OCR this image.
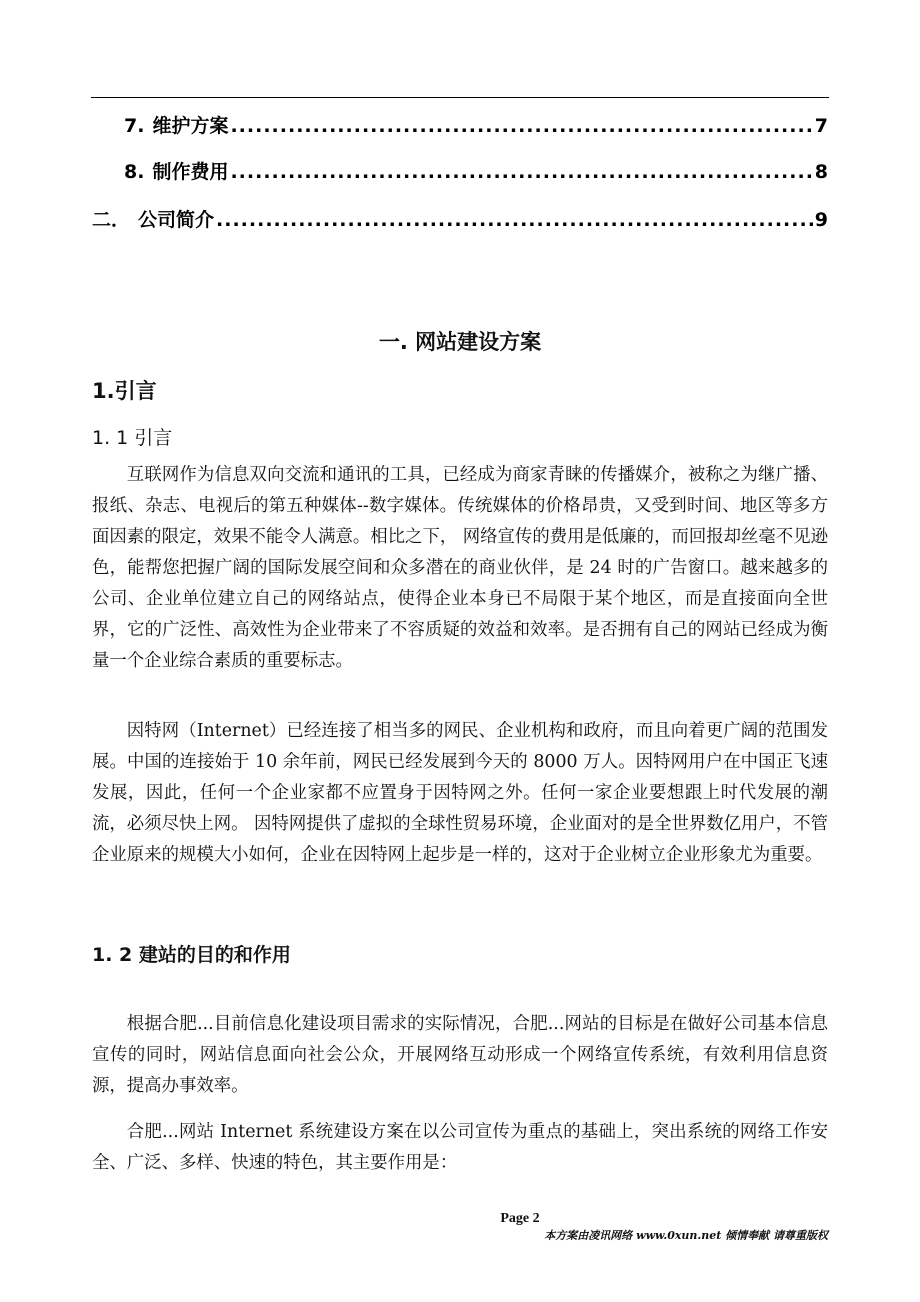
7. 维护方案 .....	7
8. 制作费用 .....	8
二． 公司简介 .....	9
一. 网站建设方案
1.引言
1. 1 引言

互联网作为信息双向交流和通讯的工具，已经成为商家青睐的传播媒介，被称之为继广播、报纸、杂志、电视后的第五种媒体--数字媒体。传统媒体的价格昂贵，又受到时间、地区等多方面因素的限定，效果不能令人满意。相比之下， 网络宣传的费用是低廉的，而回报却丝毫不见逊色，能帮您把握广阔的国际发展空间和众多潜在的商业伙伴，是 24 时的广告窗口。越来越多的公司、企业单位建立自己的网络站点，使得企业本身已不局限于某个地区，而是直接面向全世界，它的广泛性、高效性为企业带来了不容质疑的效益和效率。是否拥有自己的网站已经成为衡量一个企业综合素质的重要标志。

因特网（Internet）已经连接了相当多的网民、企业机构和政府，而且向着更广阔的范围发展。中国的连接始于 10 余年前，网民已经发展到今天的 8000 万人。因特网用户在中国正飞速发展，因此，任何一个企业家都不应置身于因特网之外。任何一家企业要想跟上时代发展的潮流，必须尽快上网。 因特网提供了虚拟的全球性贸易环境，企业面对的是全世界数亿用户，不管企业原来的规模大小如何，企业在因特网上起步是一样的，这对于企业树立企业形象尤为重要。

1. 2 建站的目的和作用

根据合肥...目前信息化建设项目需求的实际情况，合肥...网站的目标是在做好公司基本信息宣传的同时，网站信息面向社会公众，开展网络互动形成一个网络宣传系统，有效利用信息资源，提高办事效率。

合肥...网站 Internet 系统建设方案在以公司宣传为重点的基础上，突出系统的网络工作安全、广泛、多样、快速的特色，其主要作用是：

Page 2
本方案由凌讯网络 www.0xun.net 倾情奉献 请尊重版权
